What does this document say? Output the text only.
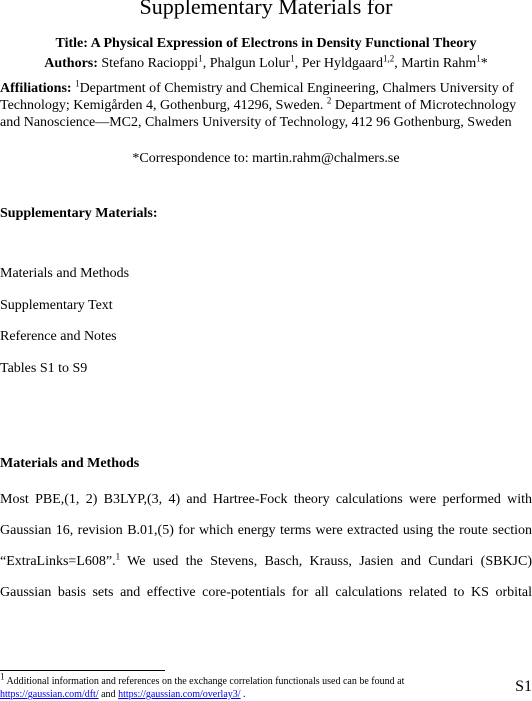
Supplementary Materials for
Title: A Physical Expression of Electrons in Density Functional Theory
Authors: Stefano Racioppi$^1$, Phalgun Lolur$^1$, Per Hyldgaard$^{1,2}$, Martin Rahm$^1$*
Affiliations: $^1$Department of Chemistry and Chemical Engineering, Chalmers University of Technology; Kemigården 4, Gothenburg, 41296, Sweden. $^2$ Department of Microtechnology and Nanoscience—MC2, Chalmers University of Technology, 412 96 Gothenburg, Sweden
*Correspondence to: martin.rahm@chalmers.se
Supplementary Materials:
Materials and Methods
Supplementary Text
Reference and Notes
Tables S1 to S9
Materials and Methods
Most PBE,(1, 2) B3LYP,(3, 4) and Hartree-Fock theory calculations were performed with
Gaussian 16, revision B.01,(5) for which energy terms were extracted using the route section
“ExtraLinks=L608”.$^1$ We used the Stevens, Basch, Krauss, Jasien and Cundari (SBKJC)
Gaussian basis sets and effective core-potentials for all calculations related to KS orbital
$^1$ Additional information and references on the exchange correlation functionals used can be found at
https://gaussian.com/dft/ and https://gaussian.com/overlay3/ .	S1
